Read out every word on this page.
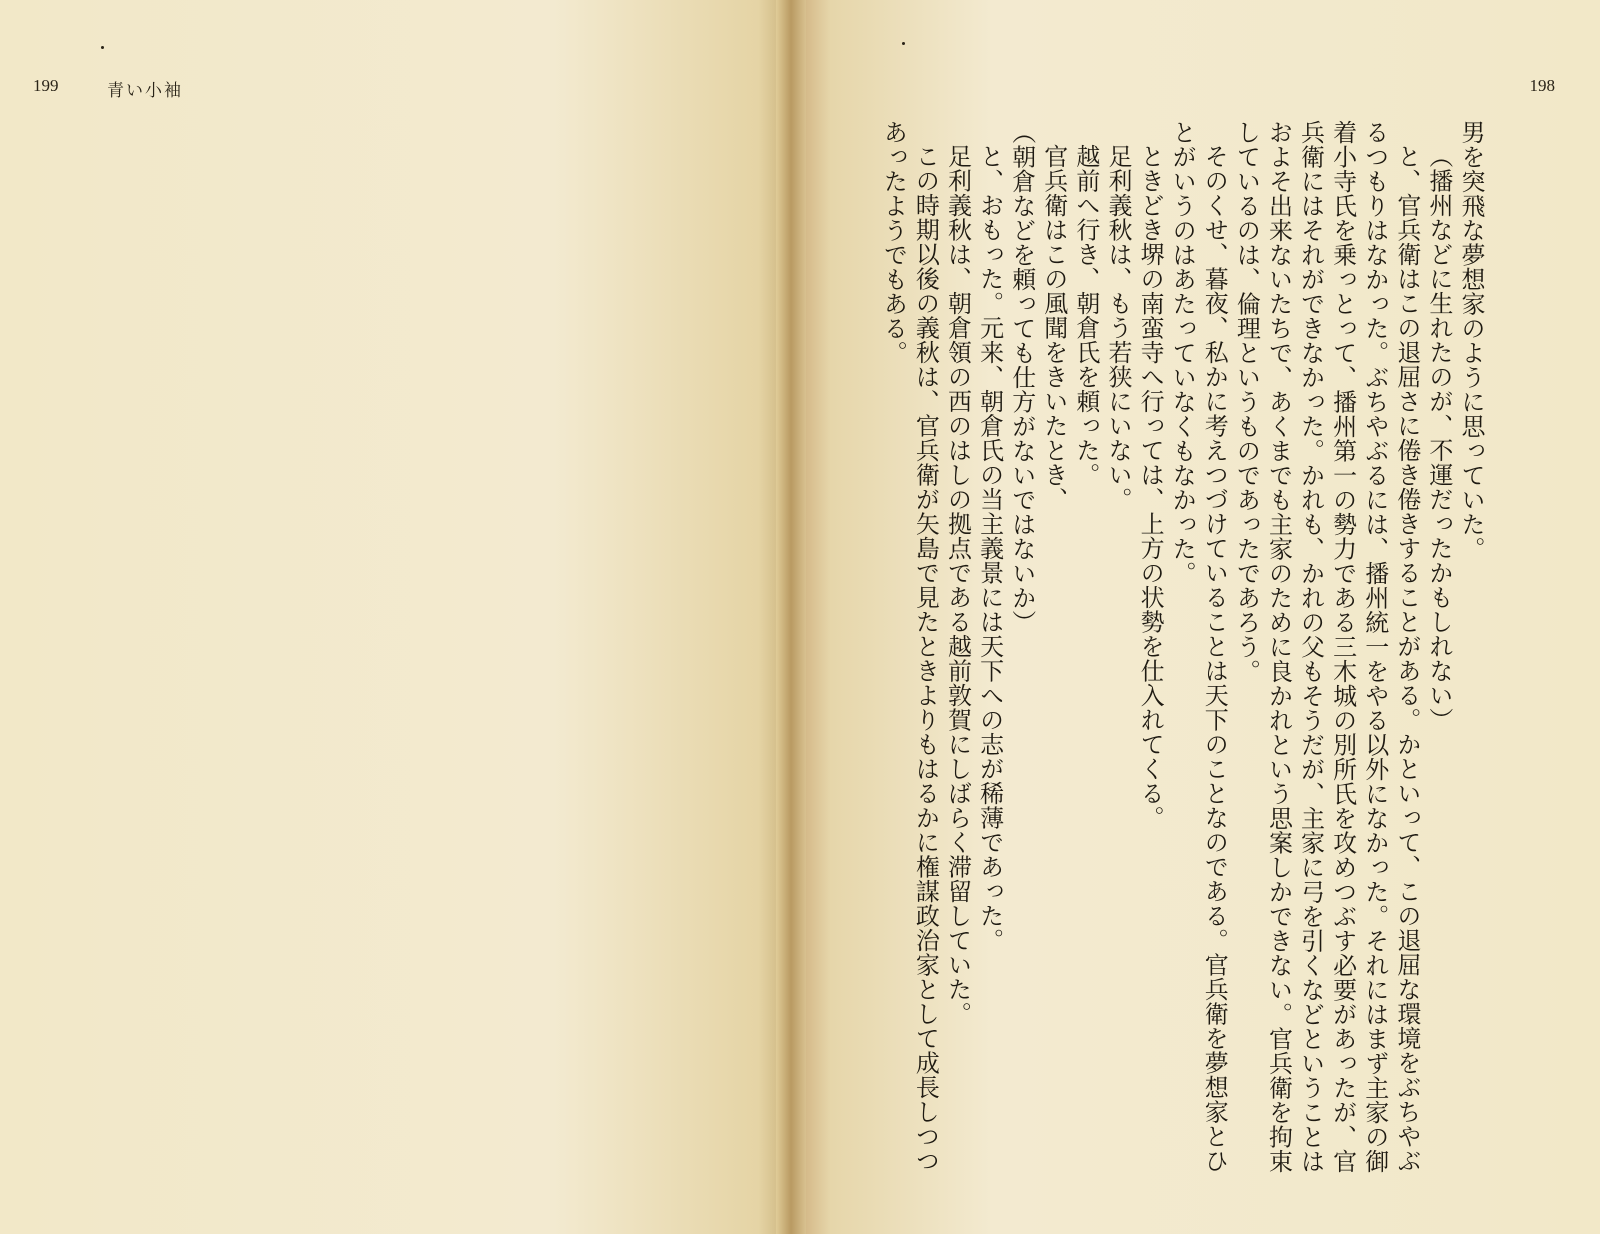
199	青い小袖

　	198

男を突飛な夢想家のように思っていた。

（播州などに生れたのが、不運だったかもしれない）

と、官兵衛はこの退屈さに倦き倦きすることがある。かといって、この退屈な環境をぶちやぶ

るつもりはなかった。ぶちやぶるには、播州統一をやる以外になかった。それにはまず主家の御

着小寺氏を乗っとって、播州第一の勢力である三木城の別所氏を攻めつぶす必要があったが、官

兵衛にはそれができなかった。かれも、かれの父もそうだが、主家に弓を引くなどということは

およそ出来ないたちで、あくまでも主家のために良かれという思案しかできない。官兵衛を拘束

しているのは、倫理というものであったであろう。

そのくせ、暮夜、私かに考えつづけていることは天下のことなのである。官兵衛を夢想家とひ

とがいうのはあたっていなくもなかった。

ときどき堺の南蛮寺へ行っては、上方の状勢を仕入れてくる。

足利義秋は、もう若狭にいない。

越前へ行き、朝倉氏を頼った。

官兵衛はこの風聞をきいたとき、

（朝倉などを頼っても仕方がないではないか）

と、おもった。元来、朝倉氏の当主義景には天下への志が稀薄であった。

足利義秋は、朝倉領の西のはしの拠点である越前敦賀にしばらく滞留していた。

この時期以後の義秋は、官兵衛が矢島で見たときよりもはるかに権謀政治家として成長しつつ

あったようでもある。
